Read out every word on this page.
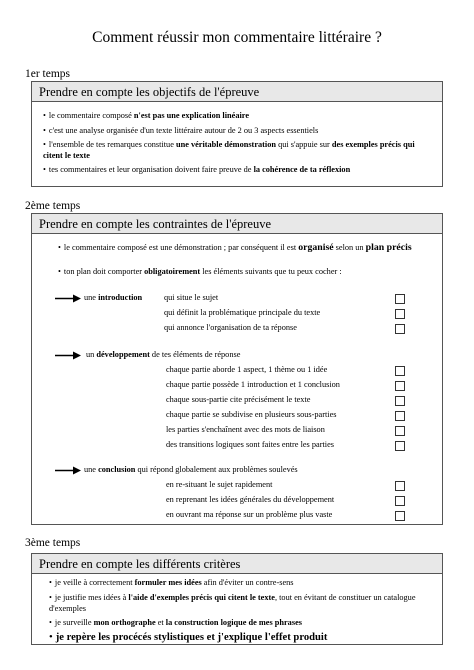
Comment réussir mon commentaire littéraire ?
1er temps
Prendre en compte les objectifs de l'épreuve
• le commentaire composé n'est pas une explication linéaire
• c'est une analyse organisée d'un texte littéraire autour de 2 ou 3 aspects essentiels
• l'ensemble de tes remarques constitue une véritable démonstration qui s'appuie sur des exemples précis qui citent le texte
• tes commentaires et leur organisation doivent faire preuve de la cohérence de ta réflexion
2ème temps
Prendre en compte les contraintes de l'épreuve
• le commentaire composé est une démonstration ; par conséquent il est organisé selon un plan précis
• ton plan doit comporter obligatoirement les éléments suivants que tu peux cocher :
une introduction	qui situe le sujet
qui définit la problématique principale du texte
qui annonce l'organisation de ta réponse
un développement de tes éléments de réponse
chaque partie aborde 1 aspect, 1 thème ou 1 idée
chaque partie possède 1 introduction et 1 conclusion
chaque sous-partie cite précisément le texte
chaque partie se subdivise en plusieurs sous-parties
les parties s'enchaînent avec des mots de liaison
des transitions logiques sont faites entre les parties
une conclusion qui répond globalement aux problèmes soulevés
en re-situant le sujet rapidement
en reprenant les idées générales du développement
en ouvrant ma réponse sur un problème plus vaste
3ème temps
Prendre en compte les différents critères
• je veille à correctement formuler mes idées afin d'éviter un contre-sens
• je justifie mes idées à l'aide d'exemples précis qui citent le texte, tout en évitant de constituer un catalogue d'exemples
• je surveille mon orthographe et la construction logique de mes phrases
• je repère les procécés stylistiques et j'explique l'effet produit
